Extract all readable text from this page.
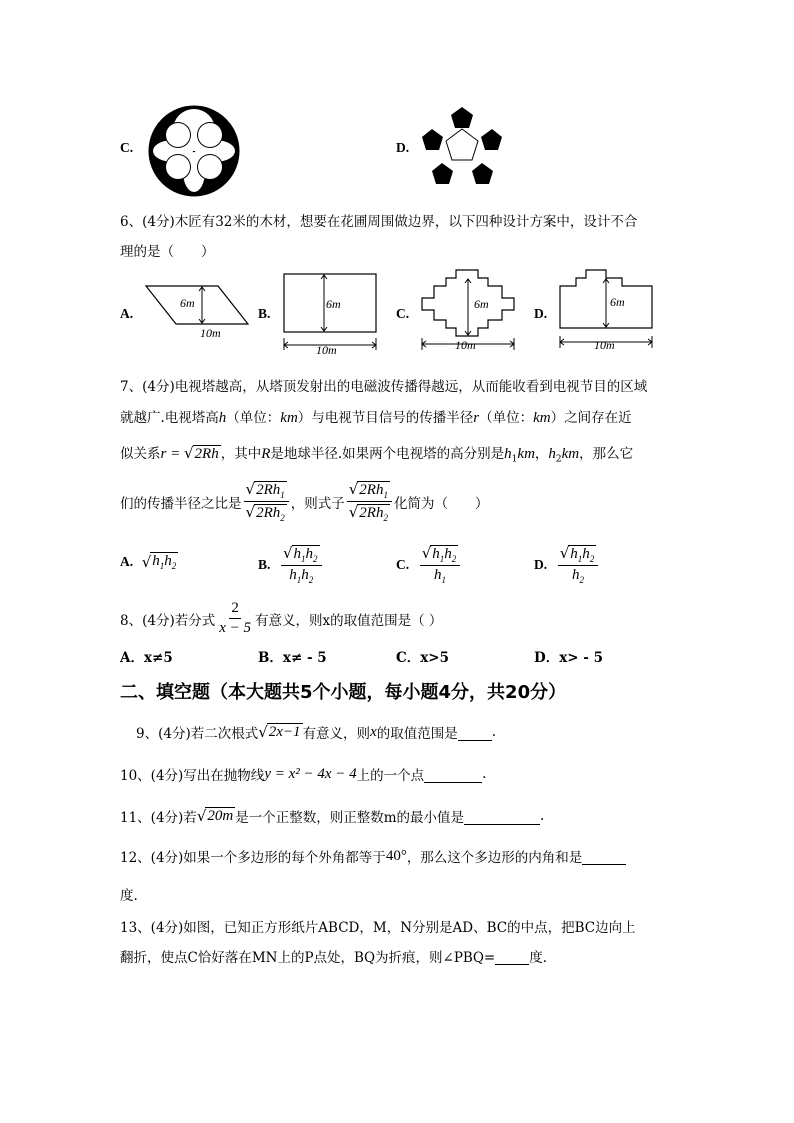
C.	D.
6、(4分)木匠有32米的木材，想要在花圃周围做边界，以下四种设计方案中，设计不合
理的是（　　）
A.
6m
10m
B.
6m
10m
C.
6m
10m
D.
6m
10m
7、(4分)电视塔越高，从塔顶发射出的电磁波传播得越远，从而能收看到电视节目的区域
就越广.电视塔高h（单位：km）与电视节目信号的传播半径r（单位：km）之间存在近
似关系r = √2Rh ，其中R是地球半径.如果两个电视塔的高分别是$h_1km$，$h_2km$，那么它
们的传播半径之比是 $\frac{√2Rh_1}{√2Rh_2}$ ，则式子 $\frac{√2Rh_1}{√2Rh_2}$ 化简为（　　）
A.
√ $h_1h_2$	B.
$\frac{√h_1h_2}{h_1h_2}$	C.
$\frac{√h_1h_2}{h_1}$	D.
$\frac{√h_1h_2}{h_2}$
8、(4分)若分式 $\frac{2}{x - 5}$ 有意义，则x的取值范围是（ ）
A．x≠5	B．x≠ - 5	C．x>5	D．x> - 5
二、填空题（本大题共5个小题，每小题4分，共20分）
9、(4分)若二次根式 √ 2x−1 有意义，则 x 的取值范围是
	.
10、(4分)写出在抛物线 y = x² − 4x − 4 上的一个点
	.
11、(4分)若 √ 20m 是一个正整数，则正整数m的最小值是
	.
12、(4分)如果一个多边形的每个外角都等于 40° ，那么这个多边形的内角和是

度.
13、(4分)如图，已知正方形纸片ABCD，M，N分别是AD、BC的中点，把BC边向上
翻折，使点C恰好落在MN上的P点处，BQ为折痕，则∠PBQ=
	度.
